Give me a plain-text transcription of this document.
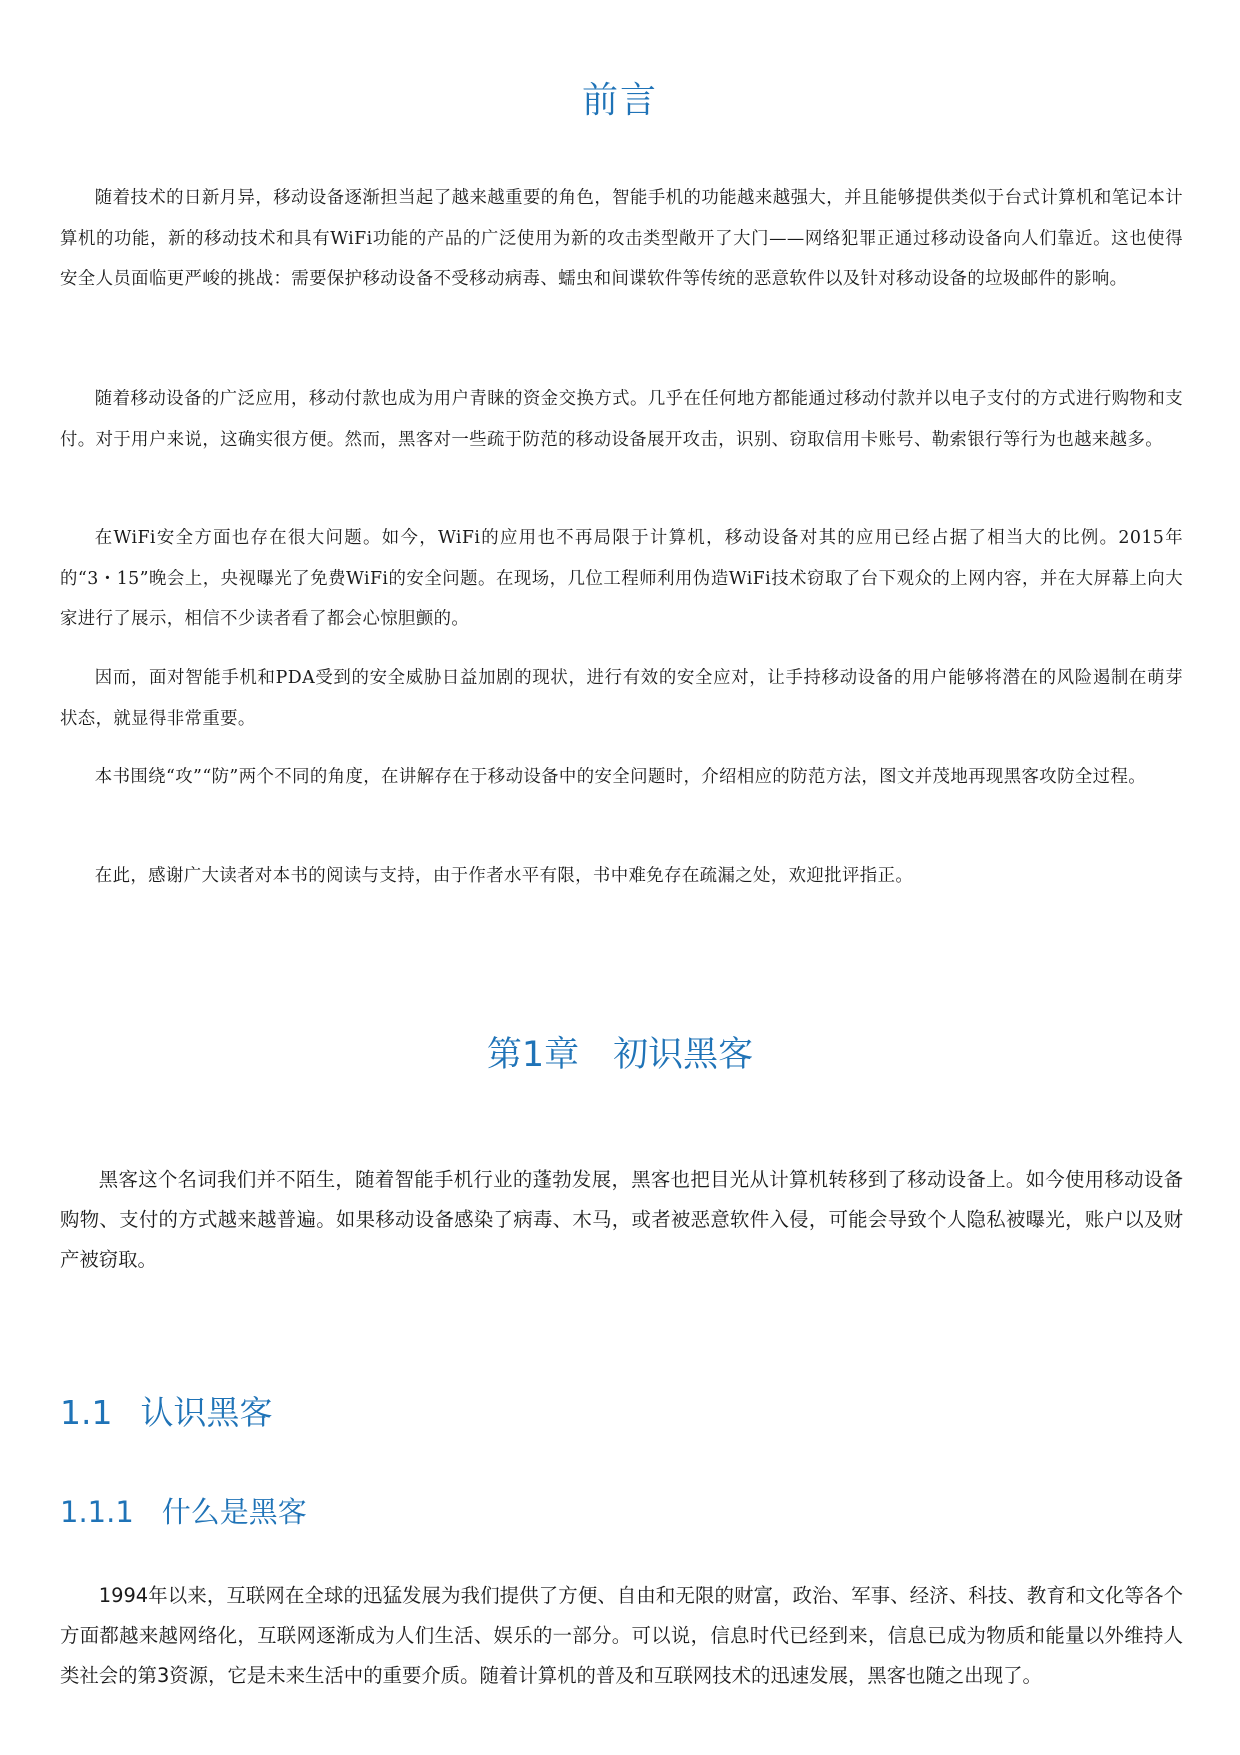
前言

随着技术的日新月异，移动设备逐渐担当起了越来越重要的角色，智能手机的功能越来越强大，并且能够提供类似于台式计算机和笔记本计算机的功能，新的移动技术和具有WiFi功能的产品的广泛使用为新的攻击类型敞开了大门——网络犯罪正通过移动设备向人们靠近。这也使得安全人员面临更严峻的挑战：需要保护移动设备不受移动病毒、蠕虫和间谍软件等传统的恶意软件以及针对移动设备的垃圾邮件的影响。

随着移动设备的广泛应用，移动付款也成为用户青睐的资金交换方式。几乎在任何地方都能通过移动付款并以电子支付的方式进行购物和支付。对于用户来说，这确实很方便。然而，黑客对一些疏于防范的移动设备展开攻击，识别、窃取信用卡账号、勒索银行等行为也越来越多。

在WiFi安全方面也存在很大问题。如今，WiFi的应用也不再局限于计算机，移动设备对其的应用已经占据了相当大的比例。2015年的“3・15”晚会上，央视曝光了免费WiFi的安全问题。在现场，几位工程师利用伪造WiFi技术窃取了台下观众的上网内容，并在大屏幕上向大家进行了展示，相信不少读者看了都会心惊胆颤的。

因而，面对智能手机和PDA受到的安全威胁日益加剧的现状，进行有效的安全应对，让手持移动设备的用户能够将潜在的风险遏制在萌芽状态，就显得非常重要。

本书围绕“攻”“防”两个不同的角度，在讲解存在于移动设备中的安全问题时，介绍相应的防范方法，图文并茂地再现黑客攻防全过程。

在此，感谢广大读者对本书的阅读与支持，由于作者水平有限，书中难免存在疏漏之处，欢迎批评指正。

第1章 初识黑客

黑客这个名词我们并不陌生，随着智能手机行业的蓬勃发展，黑客也把目光从计算机转移到了移动设备上。如今使用移动设备购物、支付的方式越来越普遍。如果移动设备感染了病毒、木马，或者被恶意软件入侵，可能会导致个人隐私被曝光，账户以及财产被窃取。

1.1 认识黑客
1.1.1 什么是黑客

1994年以来，互联网在全球的迅猛发展为我们提供了方便、自由和无限的财富，政治、军事、经济、科技、教育和文化等各个方面都越来越网络化，互联网逐渐成为人们生活、娱乐的一部分。可以说，信息时代已经到来，信息已成为物质和能量以外维持人类社会的第3资源，它是未来生活中的重要介质。随着计算机的普及和互联网技术的迅速发展，黑客也随之出现了。
